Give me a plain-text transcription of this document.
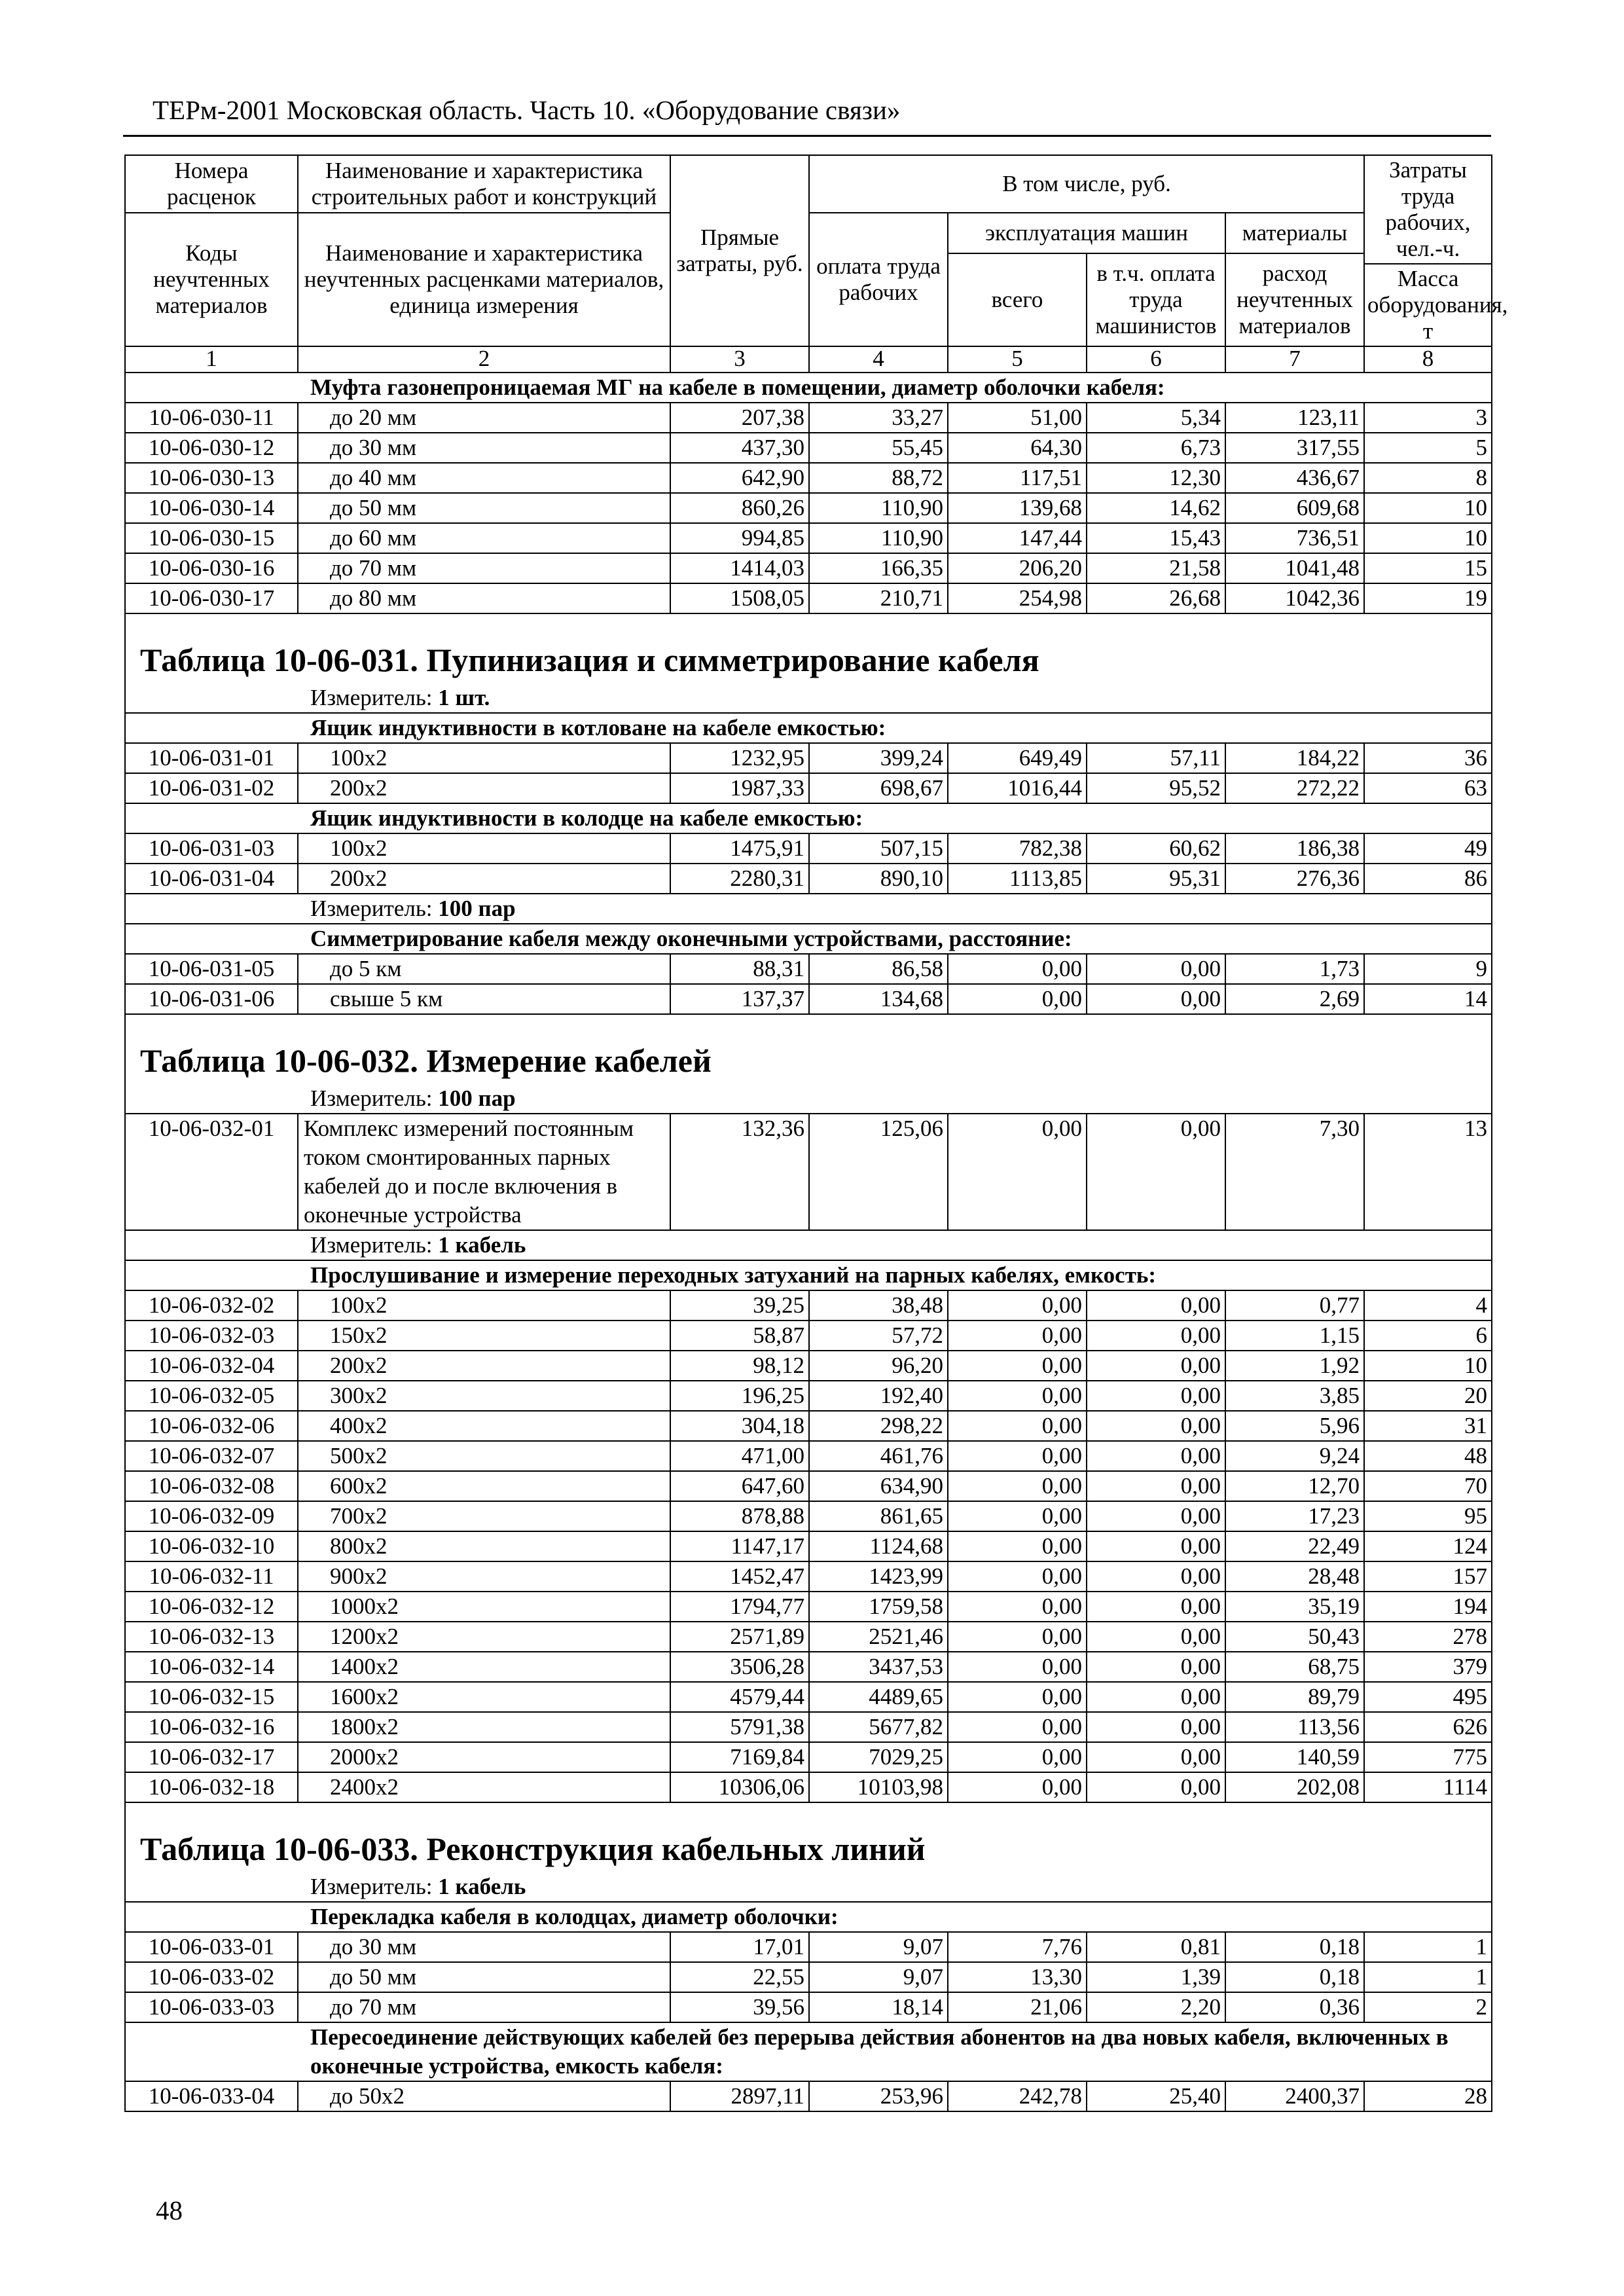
ТЕРм-2001 Московская область. Часть 10. «Оборудование связи»
Номера расценок	Наименование и характеристика строительных работ и конструкций	Прямые затраты, руб.	В том числе, руб.				Затраты труда рабочих, чел.-ч.
Коды неучтенных материалов	Наименование и характеристика неучтенных расценками материалов, единица измерения		оплата труда рабочих	эксплуатация машин		материалы	
				всего	в т.ч. оплата труда машинистов	расход неучтенных материалов	
							Масса оборудования, т
1	2	3	4	5	6	7	8
Муфта газонепроницаемая МГ на кабеле в помещении, диаметр оболочки кабеля:							
10-06-030-11	до 20 мм	207,38	33,27	51,00	5,34	123,11	3
10-06-030-12	до 30 мм	437,30	55,45	64,30	6,73	317,55	5
10-06-030-13	до 40 мм	642,90	88,72	117,51	12,30	436,67	8
10-06-030-14	до 50 мм	860,26	110,90	139,68	14,62	609,68	10
10-06-030-15	до 60 мм	994,85	110,90	147,44	15,43	736,51	10
10-06-030-16	до 70 мм	1414,03	166,35	206,20	21,58	1041,48	15
10-06-030-17	до 80 мм	1508,05	210,71	254,98	26,68	1042,36	19
Таблица 10-06-031. Пупинизация и симметрирование кабеля							
Измеритель: 1 шт.							
Ящик индуктивности в котловане на кабеле емкостью:							
10-06-031-01	100x2	1232,95	399,24	649,49	57,11	184,22	36
10-06-031-02	200x2	1987,33	698,67	1016,44	95,52	272,22	63
Ящик индуктивности в колодце на кабеле емкостью:							
10-06-031-03	100x2	1475,91	507,15	782,38	60,62	186,38	49
10-06-031-04	200x2	2280,31	890,10	1113,85	95,31	276,36	86
Измеритель: 100 пар							
Симметрирование кабеля между оконечными устройствами, расстояние:							
10-06-031-05	до 5 км	88,31	86,58	0,00	0,00	1,73	9
10-06-031-06	свыше 5 км	137,37	134,68	0,00	0,00	2,69	14
Таблица 10-06-032. Измерение кабелей							
Измеритель: 100 пар							
10-06-032-01	Комплекс измерений постоянным током смонтированных парных кабелей до и после включения в оконечные устройства	132,36	125,06	0,00	0,00	7,30	13
Измеритель: 1 кабель							
Прослушивание и измерение переходных затуханий на парных кабелях, емкость:							
10-06-032-02	100x2	39,25	38,48	0,00	0,00	0,77	4
10-06-032-03	150x2	58,87	57,72	0,00	0,00	1,15	6
10-06-032-04	200x2	98,12	96,20	0,00	0,00	1,92	10
10-06-032-05	300x2	196,25	192,40	0,00	0,00	3,85	20
10-06-032-06	400x2	304,18	298,22	0,00	0,00	5,96	31
10-06-032-07	500x2	471,00	461,76	0,00	0,00	9,24	48
10-06-032-08	600x2	647,60	634,90	0,00	0,00	12,70	70
10-06-032-09	700x2	878,88	861,65	0,00	0,00	17,23	95
10-06-032-10	800x2	1147,17	1124,68	0,00	0,00	22,49	124
10-06-032-11	900x2	1452,47	1423,99	0,00	0,00	28,48	157
10-06-032-12	1000x2	1794,77	1759,58	0,00	0,00	35,19	194
10-06-032-13	1200x2	2571,89	2521,46	0,00	0,00	50,43	278
10-06-032-14	1400x2	3506,28	3437,53	0,00	0,00	68,75	379
10-06-032-15	1600x2	4579,44	4489,65	0,00	0,00	89,79	495
10-06-032-16	1800x2	5791,38	5677,82	0,00	0,00	113,56	626
10-06-032-17	2000x2	7169,84	7029,25	0,00	0,00	140,59	775
10-06-032-18	2400x2	10306,06	10103,98	0,00	0,00	202,08	1114
Таблица 10-06-033. Реконструкция кабельных линий							
Измеритель: 1 кабель							
Перекладка кабеля в колодцах, диаметр оболочки:							
10-06-033-01	до 30 мм	17,01	9,07	7,76	0,81	0,18	1
10-06-033-02	до 50 мм	22,55	9,07	13,30	1,39	0,18	1
10-06-033-03	до 70 мм	39,56	18,14	21,06	2,20	0,36	2
Пересоединение действующих кабелей без перерыва действия абонентов на два новых кабеля, включенных в оконечные устройства, емкость кабеля:							
10-06-033-04	до 50x2	2897,11	253,96	242,78	25,40	2400,37	28
48
